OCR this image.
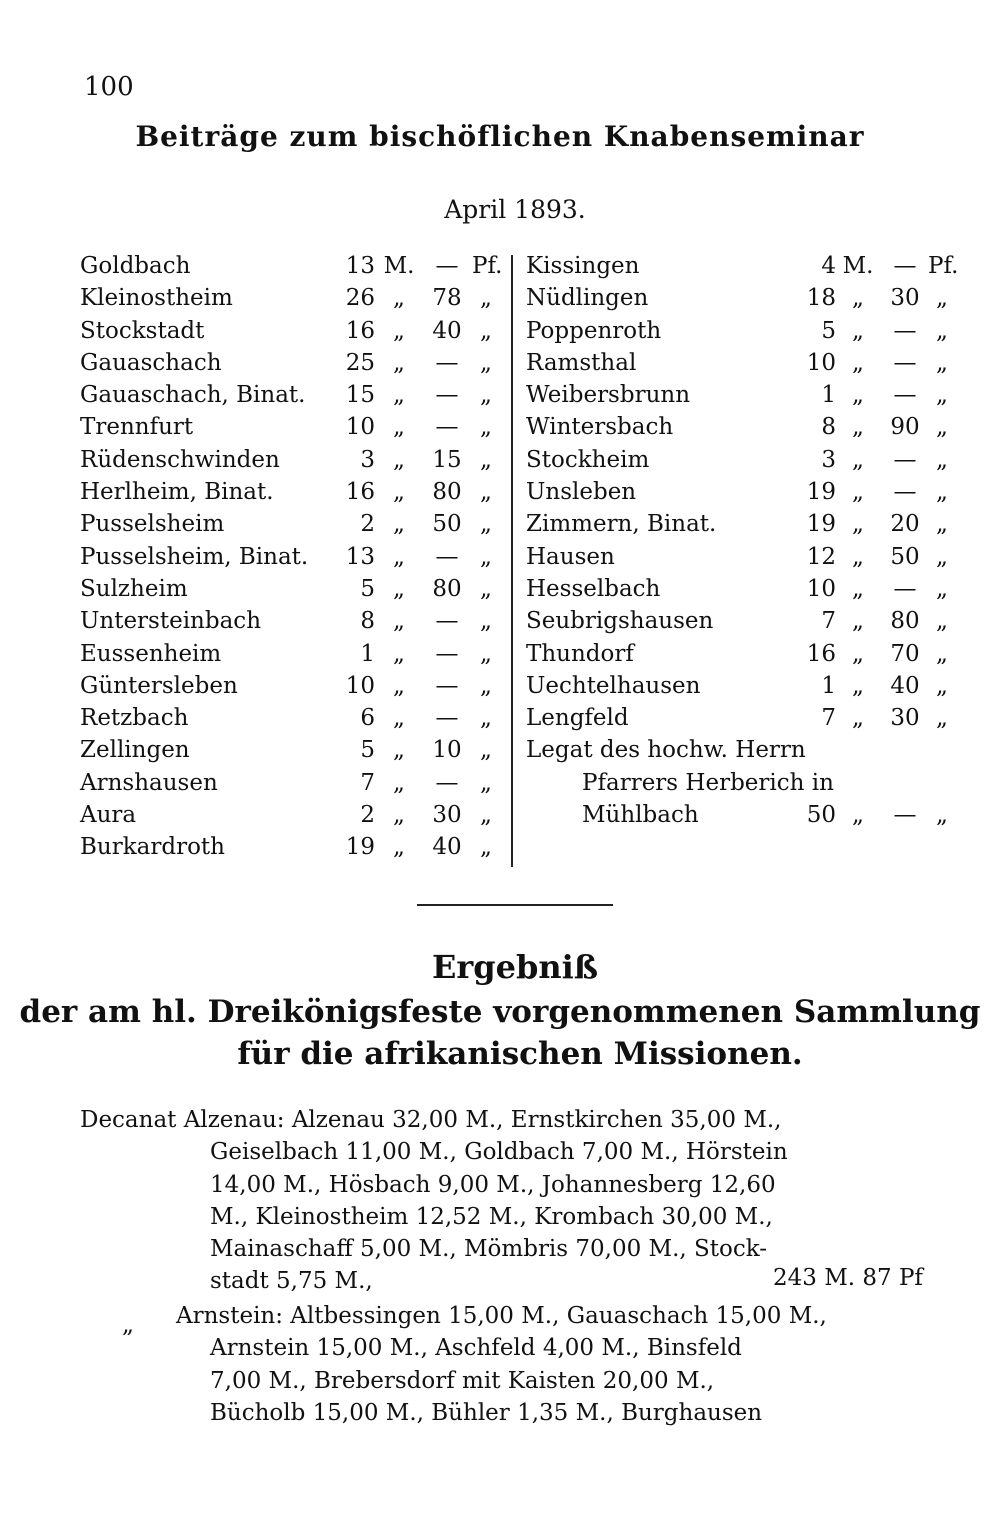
100
Beiträge zum bischöflichen Knabenseminar
April 1893.
Goldbach	13 M. — Pf.
Kleinostheim	26 „	78 „
Stockstadt	16 „	40 „
Gauaschach	25 „	— „
Gauaschach, Binat.	15 „	— „
Trennfurt	10 „	— „
Rüdenschwinden	3 „	15 „
Herlheim, Binat.	16 „	80 „
Pusselsheim	2 „	50 „
Pusselsheim, Binat.	13 „	— „
Sulzheim	5 „	80 „
Untersteinbach	8 „	— „
Eussenheim	1 „	— „
Güntersleben	10 „	— „
Retzbach	6 „	— „
Zellingen	5 „	10 „
Arnshausen	7 „	— „
Aura	2 „	30 „
Burkardroth	19 „	40 „
Kissingen	4 M. — Pf.
Nüdlingen	18 „	30 „
Poppenroth	5 „	— „
Ramsthal	10 „	— „
Weibersbrunn	1 „	— „
Wintersbach	8 „	90 „
Stockheim	3 „	— „
Unsleben	19 „	— „
Zimmern, Binat.	19 „	20 „
Hausen	12 „	50 „
Hesselbach	10 „	— „
Seubrigshausen	7 „	80 „
Thundorf	16 „	70 „
Uechtelhausen	1 „	40 „
Lengfeld	7 „	30 „
Legat des hochw. Herrn
Pfarrers Herberich in
Mühlbach	50 „	— „
Ergebniß
der am hl. Dreikönigsfeste vorgenommenen Sammlung
für die afrikanischen Missionen.
Decanat Alzenau: Alzenau 32,00 M., Ernstkirchen 35,00 M.,
Geiselbach 11,00 M., Goldbach 7,00 M., Hörstein
14,00 M., Hösbach 9,00 M., Johannesberg 12,60
M., Kleinostheim 12,52 M., Krombach 30,00 M.,
Mainaschaff 5,00 M., Mömbris 70,00 M., Stock-
stadt 5,75 M.,	243 M. 87 Pf
„ Arnstein: Altbessingen 15,00 M., Gauaschach 15,00 M.,
Arnstein 15,00 M., Aschfeld 4,00 M., Binsfeld
7,00 M., Brebersdorf mit Kaisten 20,00 M.,
Bücholb 15,00 M., Bühler 1,35 M., Burghausen
